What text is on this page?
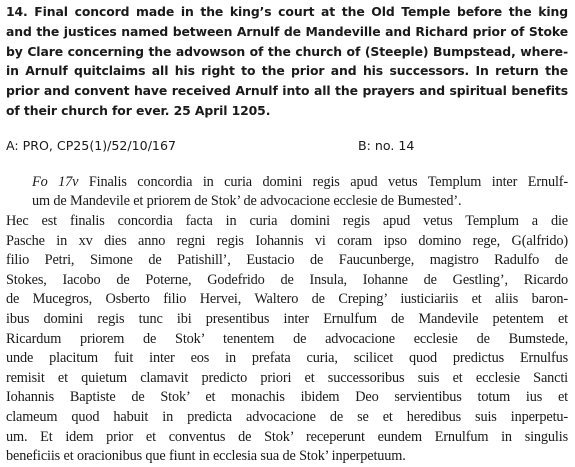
14. Final concord made in the king’s court at the Old Temple before the king
and the justices named between Arnulf de Mandeville and Richard prior of Stoke
by Clare concerning the advowson of the church of (Steeple) Bumpstead, where-
in Arnulf quitclaims all his right to the prior and his successors. In return the
prior and convent have received Arnulf into all the prayers and spiritual benefits
of their church for ever. 25 April 1205.
A: PRO, CP25(1)/52/10/167	B: no. 14
Fo 17v Finalis concordia in curia domini regis apud vetus Templum inter Ernulf-
um de Mandevile et priorem de Stok’ de advocacione ecclesie de Bumested’.
Hec est finalis concordia facta in curia domini regis apud vetus Templum a die
Pasche in xv dies anno regni regis Iohannis vi coram ipso domino rege, G(alfrido)
filio Petri, Simone de Patishill’, Eustacio de Faucunberge, magistro Radulfo de
Stokes, Iacobo de Poterne, Godefrido de Insula, Iohanne de Gestling’, Ricardo
de Mucegros, Osberto filio Hervei, Waltero de Creping’ iusticiariis et aliis baron-
ibus domini regis tunc ibi presentibus inter Ernulfum de Mandevile petentem et
Ricardum priorem de Stok’ tenentem de advocacione ecclesie de Bumstede,
unde placitum fuit inter eos in prefata curia, scilicet quod predictus Ernulfus
remisit et quietum clamavit predicto priori et successoribus suis et ecclesie Sancti
Iohannis Baptiste de Stok’ et monachis ibidem Deo servientibus totum ius et
clameum quod habuit in predicta advocacione de se et heredibus suis inperpetu-
um. Et idem prior et conventus de Stok’ receperunt eundem Ernulfum in singulis
beneficiis et oracionibus que fiunt in ecclesia sua de Stok’ inperpetuum.
